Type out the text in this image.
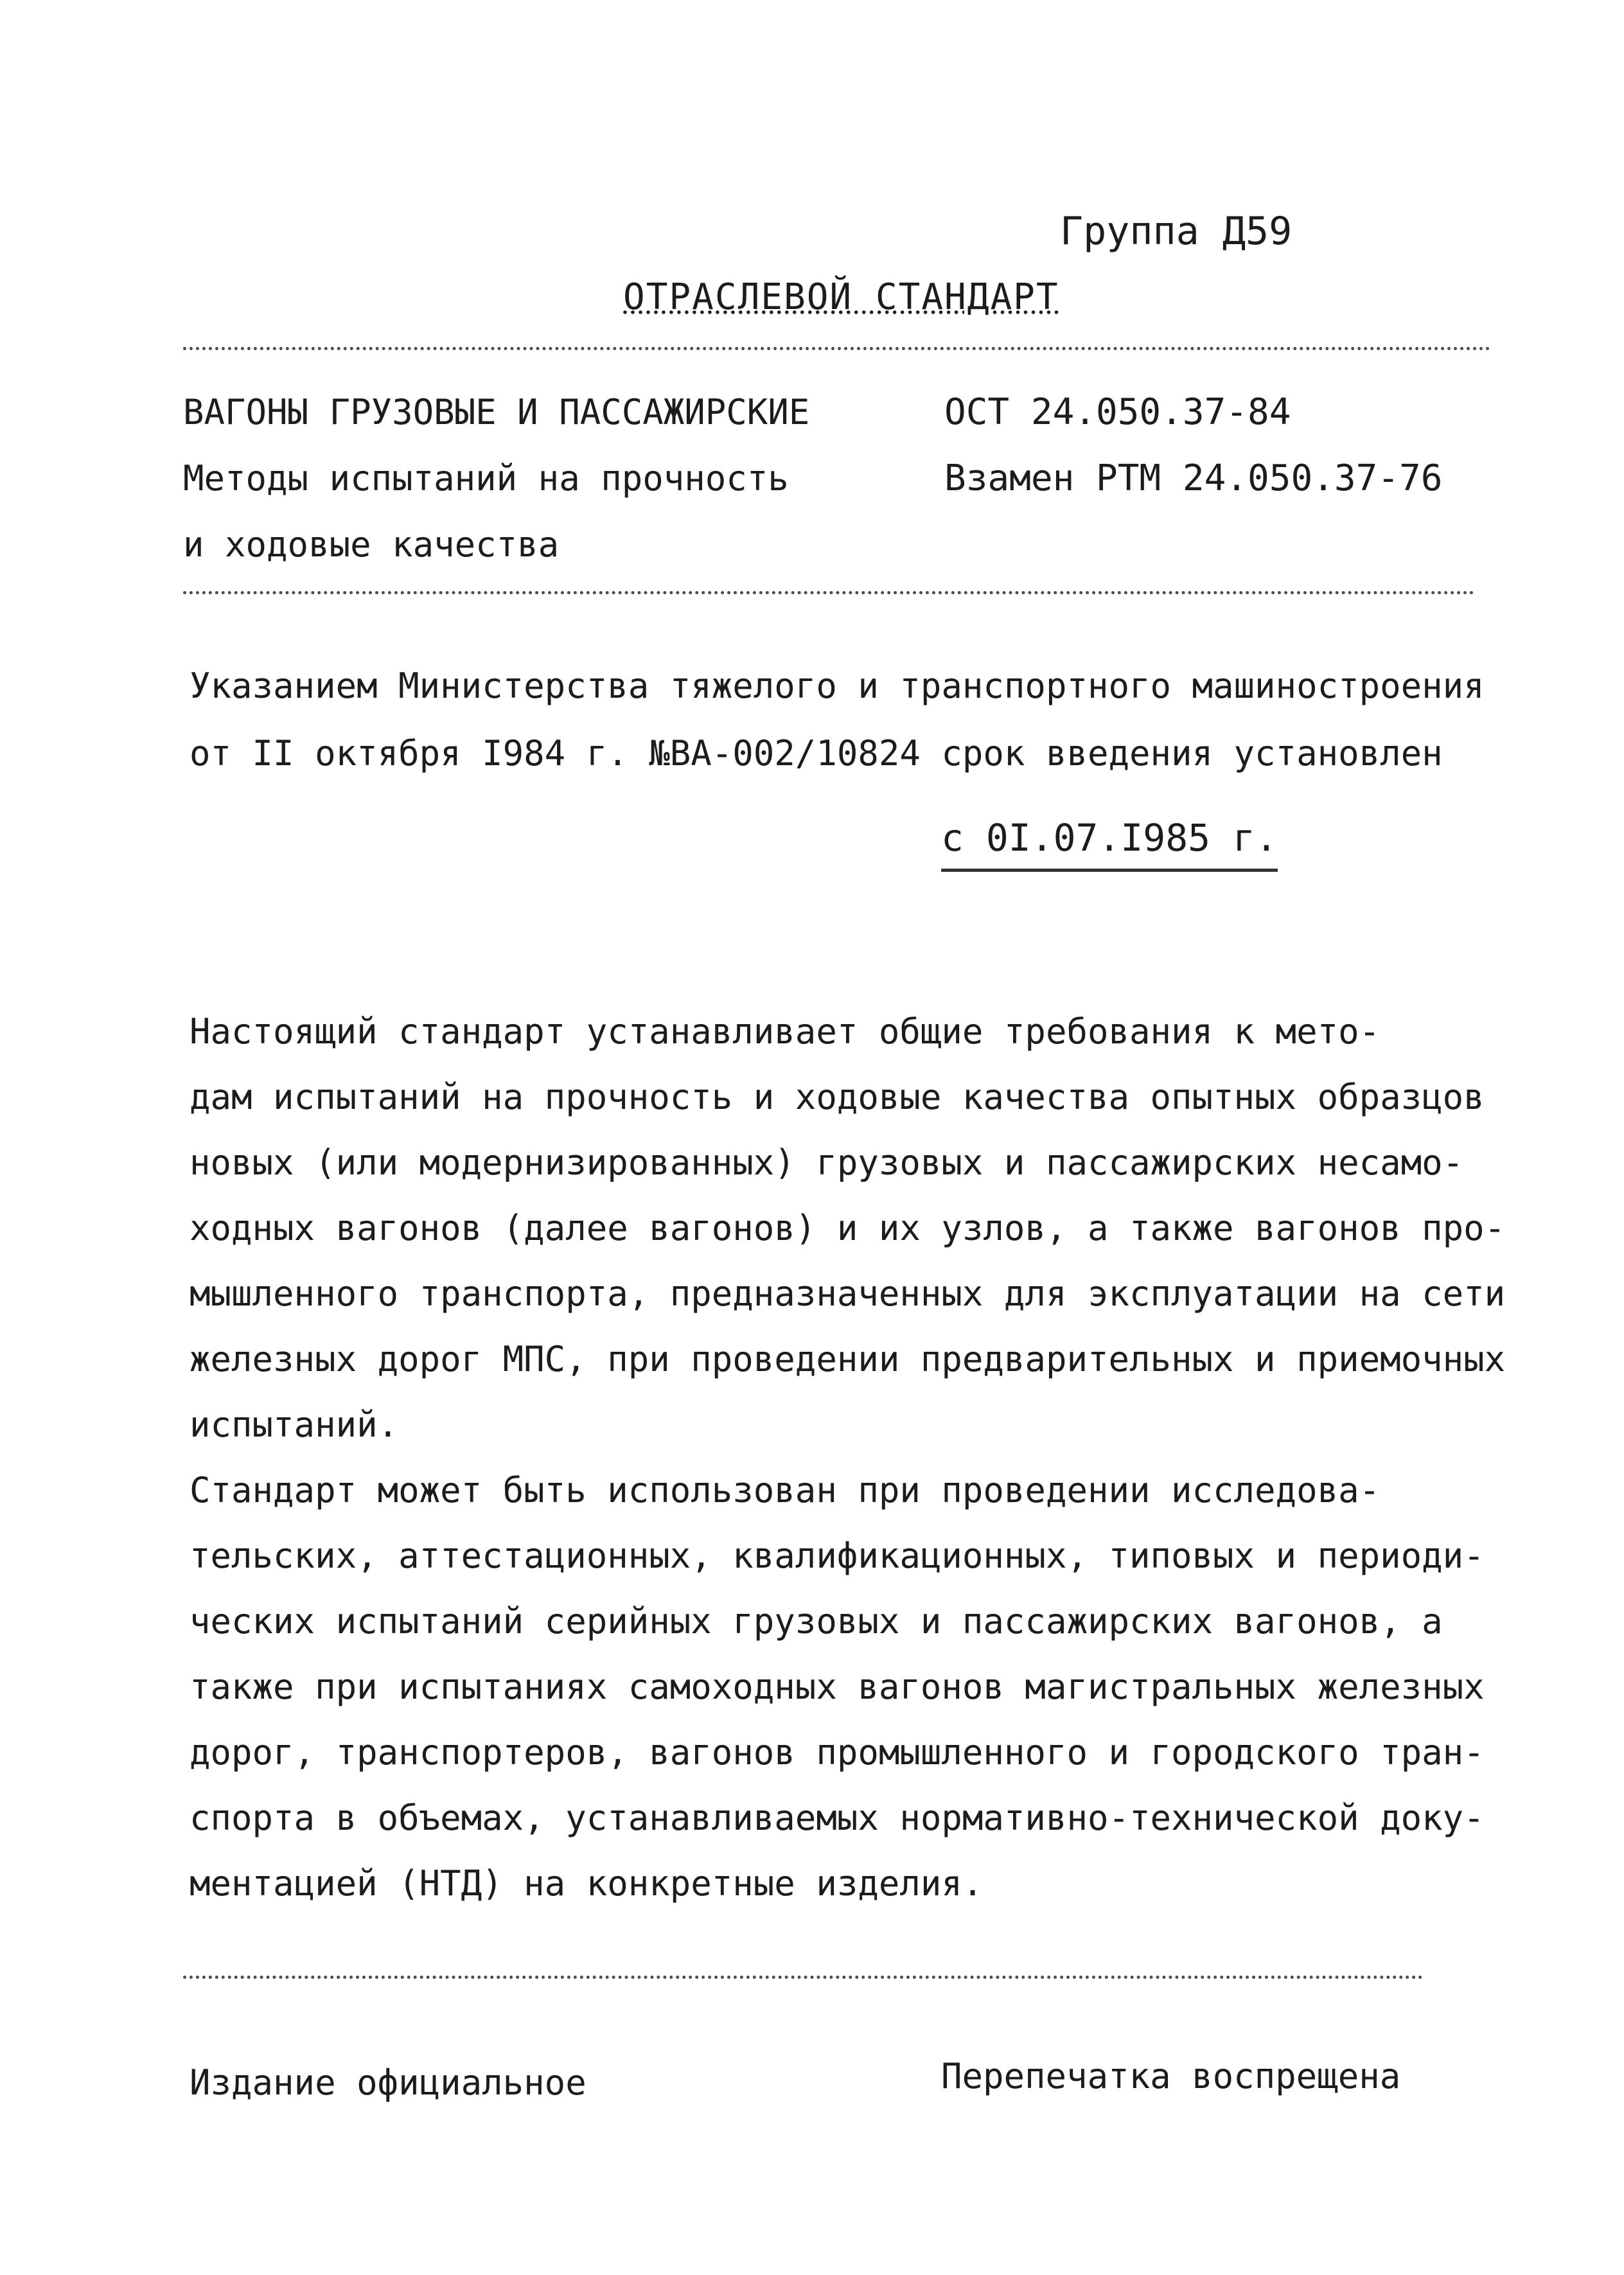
Группа Д59
ОТРАСЛЕВОЙ СТАНДАРТ
ВАГОНЫ ГРУЗОВЫЕ И ПАССАЖИРСКИЕ
Методы испытаний на прочность
и ходовые качества
ОСТ 24.050.37-84
Взамен РТМ 24.050.37-76
Указанием Министерства тяжелого и транспортного машиностроения
от II октября I984 г. №ВА-002/10824 срок введения установлен
с 0I.07.I985 г.
Настоящий стандарт устанавливает общие требования к мето-
дам испытаний на прочность и ходовые качества опытных образцов
новых (или модернизированных) грузовых и пассажирских несамо-
ходных вагонов (далее вагонов) и их узлов, а также вагонов про-
мышленного транспорта, предназначенных для эксплуатации на сети
железных дорог МПС, при проведении предварительных и приемочных
испытаний.
Стандарт может быть использован при проведении исследова-
тельских, аттестационных, квалификационных, типовых и периоди-
ческих испытаний серийных грузовых и пассажирских вагонов, а
также при испытаниях самоходных вагонов магистральных железных
дорог, транспортеров, вагонов промышленного и городского тран-
спорта в объемах, устанавливаемых нормативно-технической доку-
ментацией (НТД) на конкретные изделия.
Издание официальное	Перепечатка воспрещена
